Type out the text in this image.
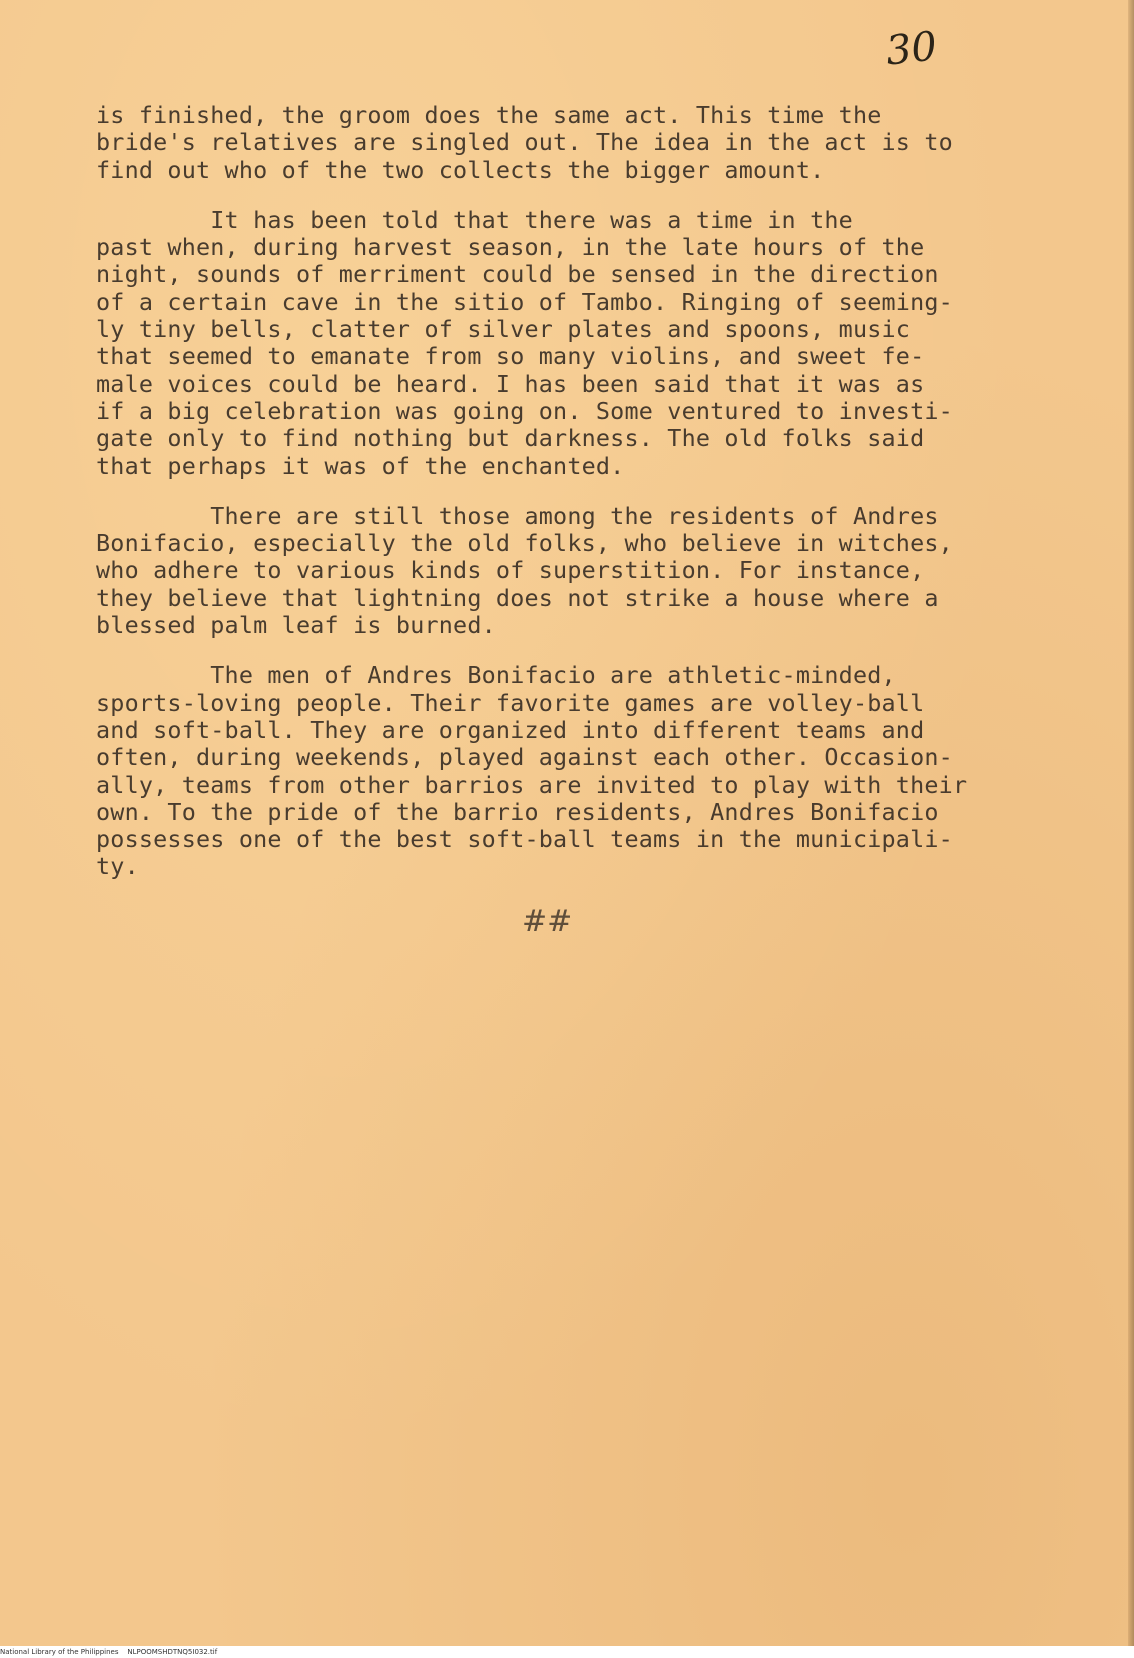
30
is finished, the groom does the same act. This time the
bride's relatives are singled out. The idea in the act is to
find out who of the two collects the bigger amount.
It has been told that there was a time in the
past when, during harvest season, in the late hours of the
night, sounds of merriment could be sensed in the direction
of a certain cave in the sitio of Tambo. Ringing of seeming-
ly tiny bells, clatter of silver plates and spoons, music
that seemed to emanate from so many violins, and sweet fe-
male voices could be heard. I has been said that it was as
if a big celebration was going on. Some ventured to investi-
gate only to find nothing but darkness. The old folks said
that perhaps it was of the enchanted.
There are still those among the residents of Andres
Bonifacio, especially the old folks, who believe in witches,
who adhere to various kinds of superstition. For instance,
they believe that lightning does not strike a house where a
blessed palm leaf is burned.
The men of Andres Bonifacio are athletic-minded,
sports-loving people. Their favorite games are volley-ball
and soft-ball. They are organized into different teams and
often, during weekends, played against each other. Occasion-
ally, teams from other barrios are invited to play with their
own. To the pride of the barrio residents, Andres Bonifacio
possesses one of the best soft-ball teams in the municipali-
ty.
##
National Library of the Philippines    NLPOOMSHDTNQ5I032.tif
